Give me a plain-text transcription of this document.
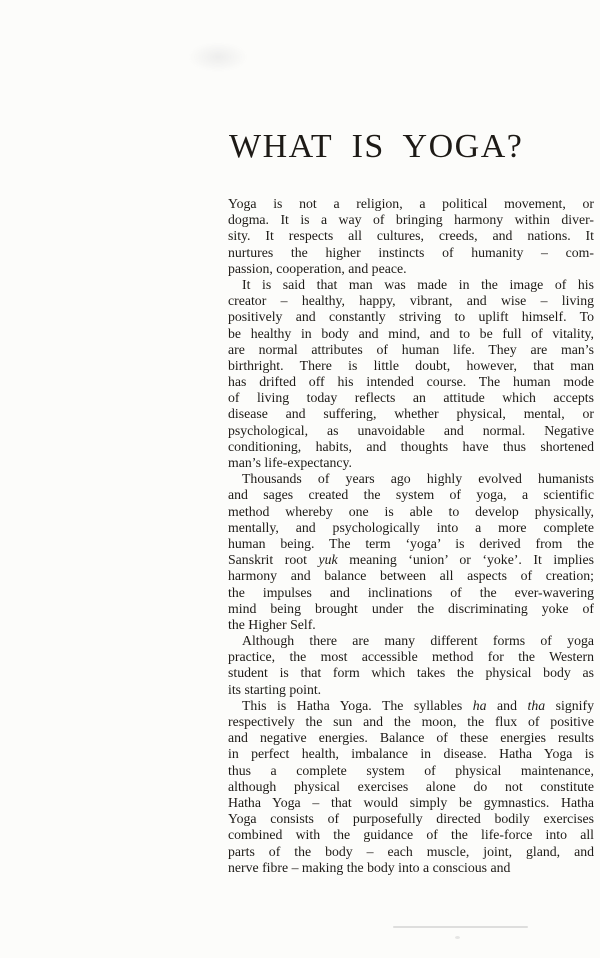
WHAT IS YOGA?
Yoga is not a religion, a political movement, or
dogma. It is a way of bringing harmony within diver-
sity. It respects all cultures, creeds, and nations. It
nurtures the higher instincts of humanity – com-
passion, cooperation, and peace.
It is said that man was made in the image of his
creator – healthy, happy, vibrant, and wise – living
positively and constantly striving to uplift himself. To
be healthy in body and mind, and to be full of vitality,
are normal attributes of human life. They are man’s
birthright. There is little doubt, however, that man
has drifted off his intended course. The human mode
of living today reflects an attitude which accepts
disease and suffering, whether physical, mental, or
psychological, as unavoidable and normal. Negative
conditioning, habits, and thoughts have thus shortened
man’s life-expectancy.
Thousands of years ago highly evolved humanists
and sages created the system of yoga, a scientific
method whereby one is able to develop physically,
mentally, and psychologically into a more complete
human being. The term ‘yoga’ is derived from the
Sanskrit root yuk meaning ‘union’ or ‘yoke’. It implies
harmony and balance between all aspects of creation;
the impulses and inclinations of the ever-wavering
mind being brought under the discriminating yoke of
the Higher Self.
Although there are many different forms of yoga
practice, the most accessible method for the Western
student is that form which takes the physical body as
its starting point.
This is Hatha Yoga. The syllables ha and tha signify
respectively the sun and the moon, the flux of positive
and negative energies. Balance of these energies results
in perfect health, imbalance in disease. Hatha Yoga is
thus a complete system of physical maintenance,
although physical exercises alone do not constitute
Hatha Yoga – that would simply be gymnastics. Hatha
Yoga consists of purposefully directed bodily exercises
combined with the guidance of the life-force into all
parts of the body – each muscle, joint, gland, and
nerve fibre – making the body into a conscious and
